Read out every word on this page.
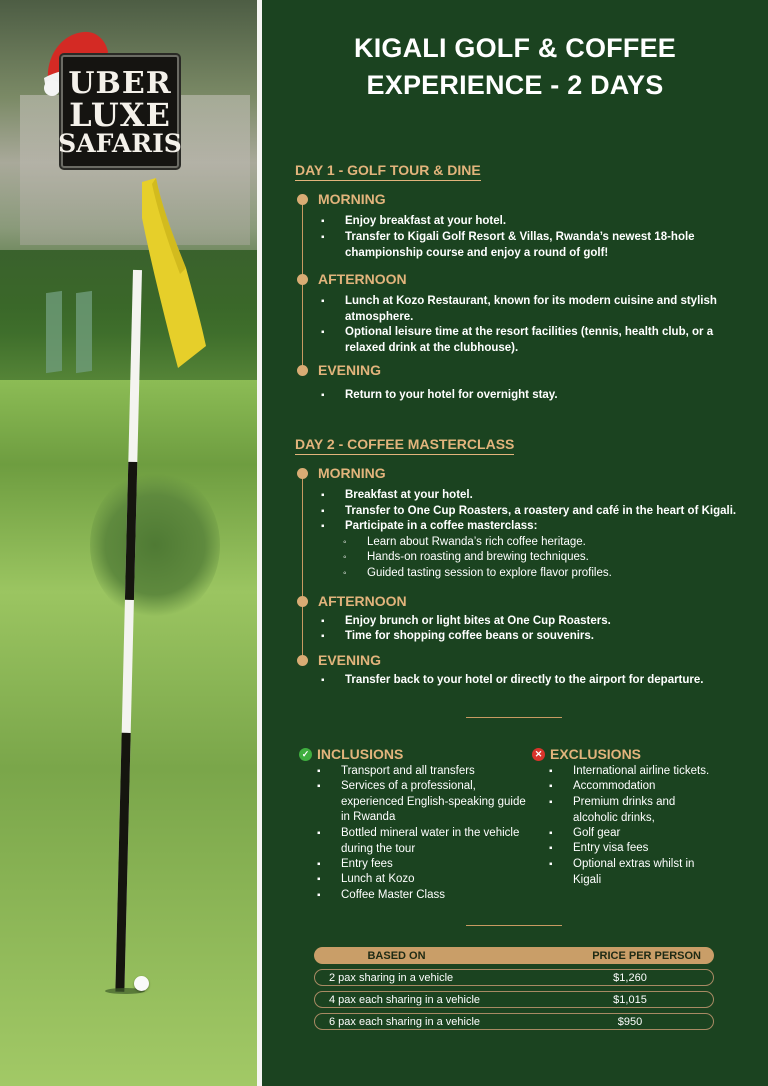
UBER
LUXE
SAFARIS
KIGALI GOLF & COFFEE
EXPERIENCE - 2 DAYS
DAY 1 - GOLF TOUR & DINE
MORNING
▪ Enjoy breakfast at your hotel.
▪ Transfer to Kigali Golf Resort & Villas, Rwanda’s newest 18-hole championship course and enjoy a round of golf!
AFTERNOON
▪ Lunch at Kozo Restaurant, known for its modern cuisine and stylish atmosphere.
▪ Optional leisure time at the resort facilities (tennis, health club, or a relaxed drink at the clubhouse).
EVENING
▪ Return to your hotel for overnight stay.
DAY 2 - COFFEE MASTERCLASS
MORNING
▪ Breakfast at your hotel.
▪ Transfer to One Cup Roasters, a roastery and café in the heart of Kigali.
▪ Participate in a coffee masterclass:
◦ Learn about Rwanda’s rich coffee heritage.
◦ Hands-on roasting and brewing techniques.
◦ Guided tasting session to explore flavor profiles.
AFTERNOON
▪ Enjoy brunch or light bites at One Cup Roasters.
▪ Time for shopping coffee beans or souvenirs.
EVENING
▪ Transfer back to your hotel or directly to the airport for departure.
✓ INCLUSIONS
▪ Transport and all transfers
▪ Services of a professional, experienced English-speaking guide in Rwanda
▪ Bottled mineral water in the vehicle during the tour
▪ Entry fees
▪ Lunch at Kozo
▪ Coffee Master Class
✕ EXCLUSIONS
▪ International airline tickets.
▪ Accommodation
▪ Premium drinks and alcoholic drinks,
▪ Golf gear
▪ Entry visa fees
▪ Optional extras whilst in Kigali
BASED ON	PRICE PER PERSON
2 pax sharing in a vehicle	$1,260
4 pax each sharing in a vehicle	$1,015
6 pax each sharing in a vehicle	$950
